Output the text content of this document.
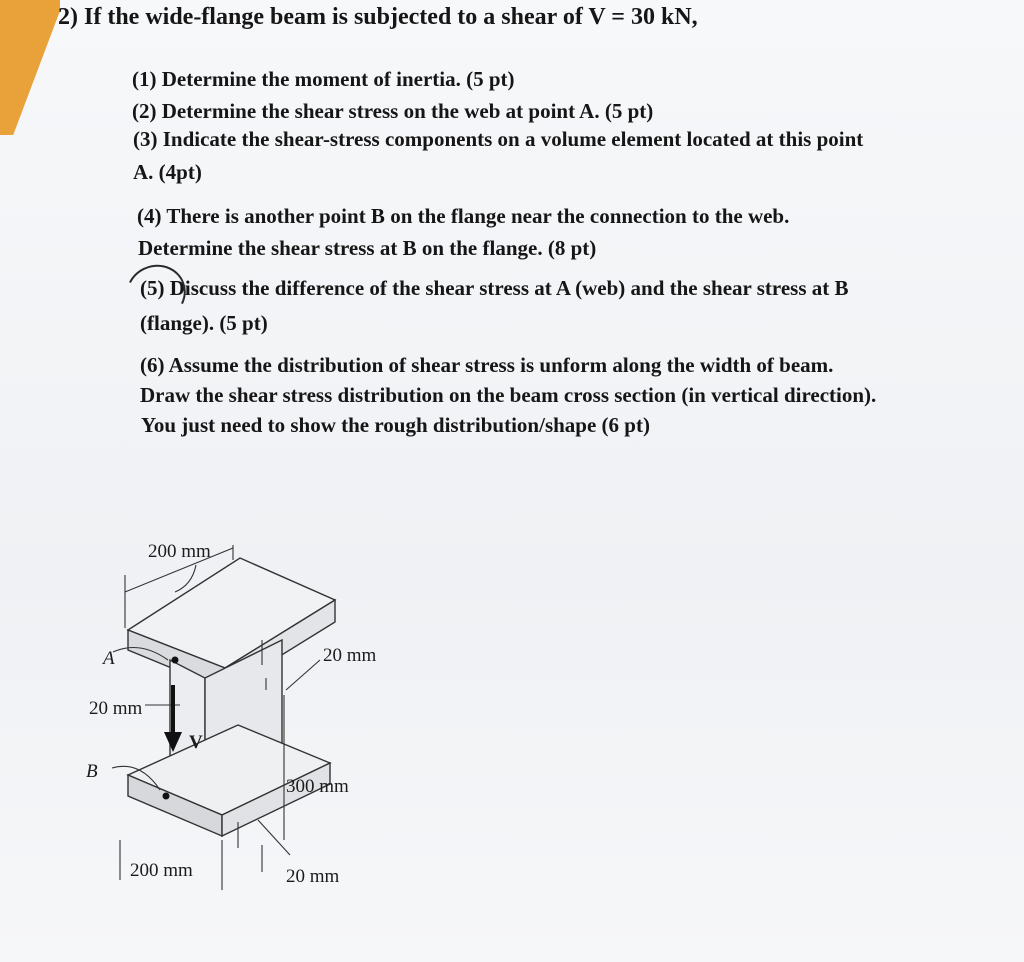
2) If the wide-flange beam is subjected to a shear of V = 30 kN,

(1) Determine the moment of inertia. (5 pt)

(2) Determine the shear stress on the web at point A. (5 pt)

(3) Indicate the shear-stress components on a volume element located at this point

A. (4pt)

(4) There is another point B on the flange near the connection to the web.

Determine the shear stress at B on the flange. (8 pt)

(5) Discuss the difference of the shear stress at A (web) and the shear stress at B

(flange). (5 pt)

(6) Assume the distribution of shear stress is unform along the width of beam.

Draw the shear stress distribution on the beam cross section (in vertical direction).

You just need to show the rough distribution/shape (6 pt)

200 mm
20 mm
20 mm
300 mm
200 mm	20 mm
A
B
V
